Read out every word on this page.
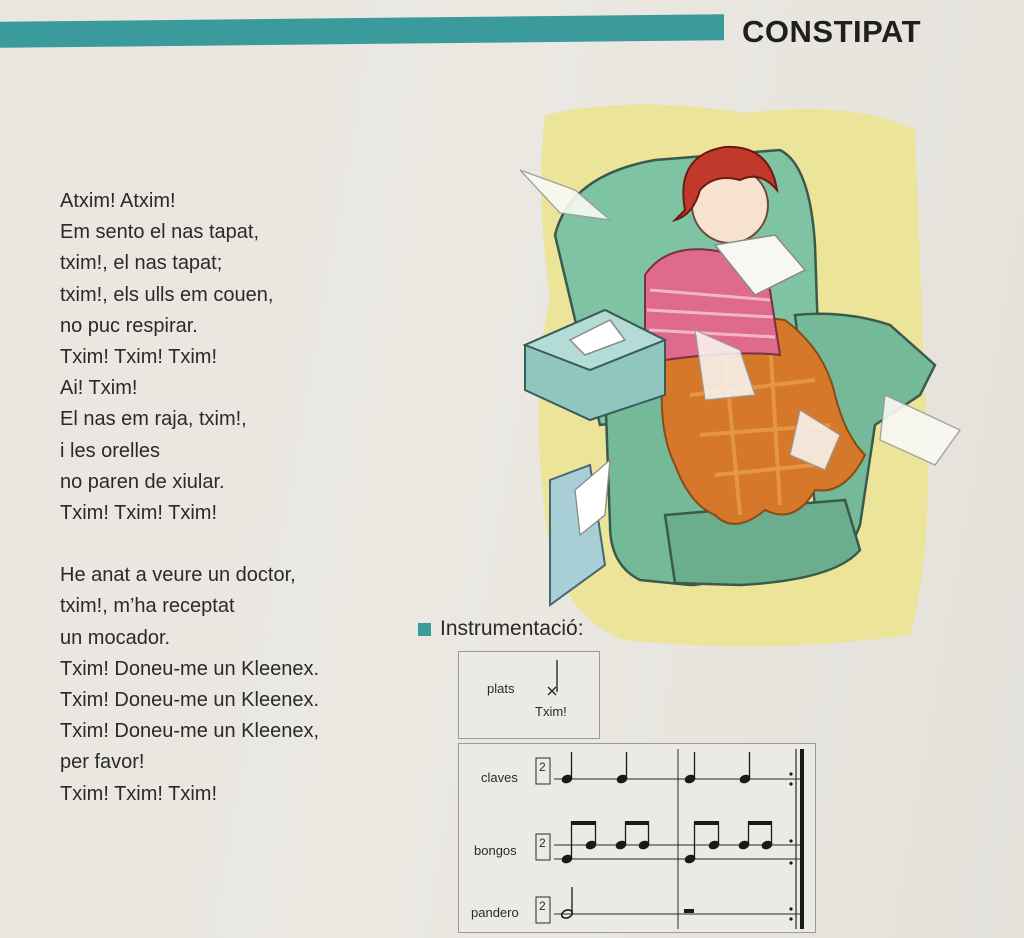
CONSTIPAT
Atxim! Atxim!
Em sento el nas tapat,
txim!, el nas tapat;
txim!, els ulls em couen,
no puc respirar.
Txim! Txim! Txim!
Ai! Txim!
El nas em raja, txim!,
i les orelles
no paren de xiular.
Txim! Txim! Txim!
He anat a veure un doctor,
txim!, m’ha receptat
un mocador.
Txim! Doneu-me un Kleenex.
Txim! Doneu-me un Kleenex.
Txim! Doneu-me un Kleenex,
per favor!
Txim! Txim! Txim!
Instrumentació:
plats
Txim!
claves
bongos
pandero
2
2
2
